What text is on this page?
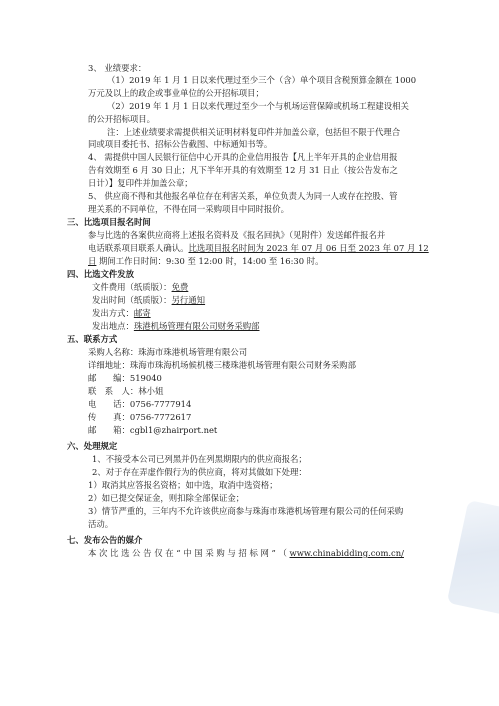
3、 业绩要求：
（1）2019 年 1 月 1 日以来代理过至少三个（含）单个项目含税预算金额在 1000
万元及以上的政企或事业单位的公开招标项目；
（2）2019 年 1 月 1 日以来代理过至少一个与机场运营保障或机场工程建设相关
的公开招标项目。
注：上述业绩要求需提供相关证明材料复印件并加盖公章，包括但不限于代理合
同或项目委托书、招标公告截图、中标通知书等。
4、 需提供中国人民银行征信中心开具的企业信用报告【凡上半年开具的企业信用报
告有效期至 6 月 30 日止；凡下半年开具的有效期至 12 月 31 日止（按公告发布之
日计）】复印件并加盖公章；
5、 供应商不得和其他报名单位存在利害关系，单位负责人为同一人或存在控股、管
理关系的不同单位，不得在同一采购项目中同时报价。
三、比选项目报名时间
参与比选的各案供应商将上述报名资料及《报名回执》（见附件）发送邮件报名并
电话联系项目联系人确认。比选项目报名时间为 2023 年 07 月 06 日至 2023 年 07 月 12
日 期间工作日时间：9:30 至 12:00 时，14:00 至 16:30 时。
四、比选文件发放
文件费用（纸质版）：免费
发出时间（纸质版）：另行通知
发出方式：邮寄
发出地点：珠港机场管理有限公司财务采购部
五、联系方式
采购人名称：珠海市珠港机场管理有限公司
详细地址：珠海市珠海机场候机楼三楼珠港机场管理有限公司财务采购部
邮　　编：519040
联　系　人：林小姐
电　　话：0756-7777914
传　　真：0756-7772617
邮　　箱：cgbl1@zhairport.net
六、处理规定
1、不接受本公司已列黑并仍在列黑期限内的供应商报名；
2、对于存在弄虚作假行为的供应商，将对其做如下处理：
1）取消其应答报名资格；如中选，取消中选资格；
2）如已提交保证金，则扣除全部保证金；
3）情节严重的，三年内不允许该供应商参与珠海市珠港机场管理有限公司的任何采购
活动。
七、发布公告的媒介
本 次 比 选 公 告 仅 在 “ 中 国 采 购 与 招 标 网 ” （ www.chinabidding.com.cn/
